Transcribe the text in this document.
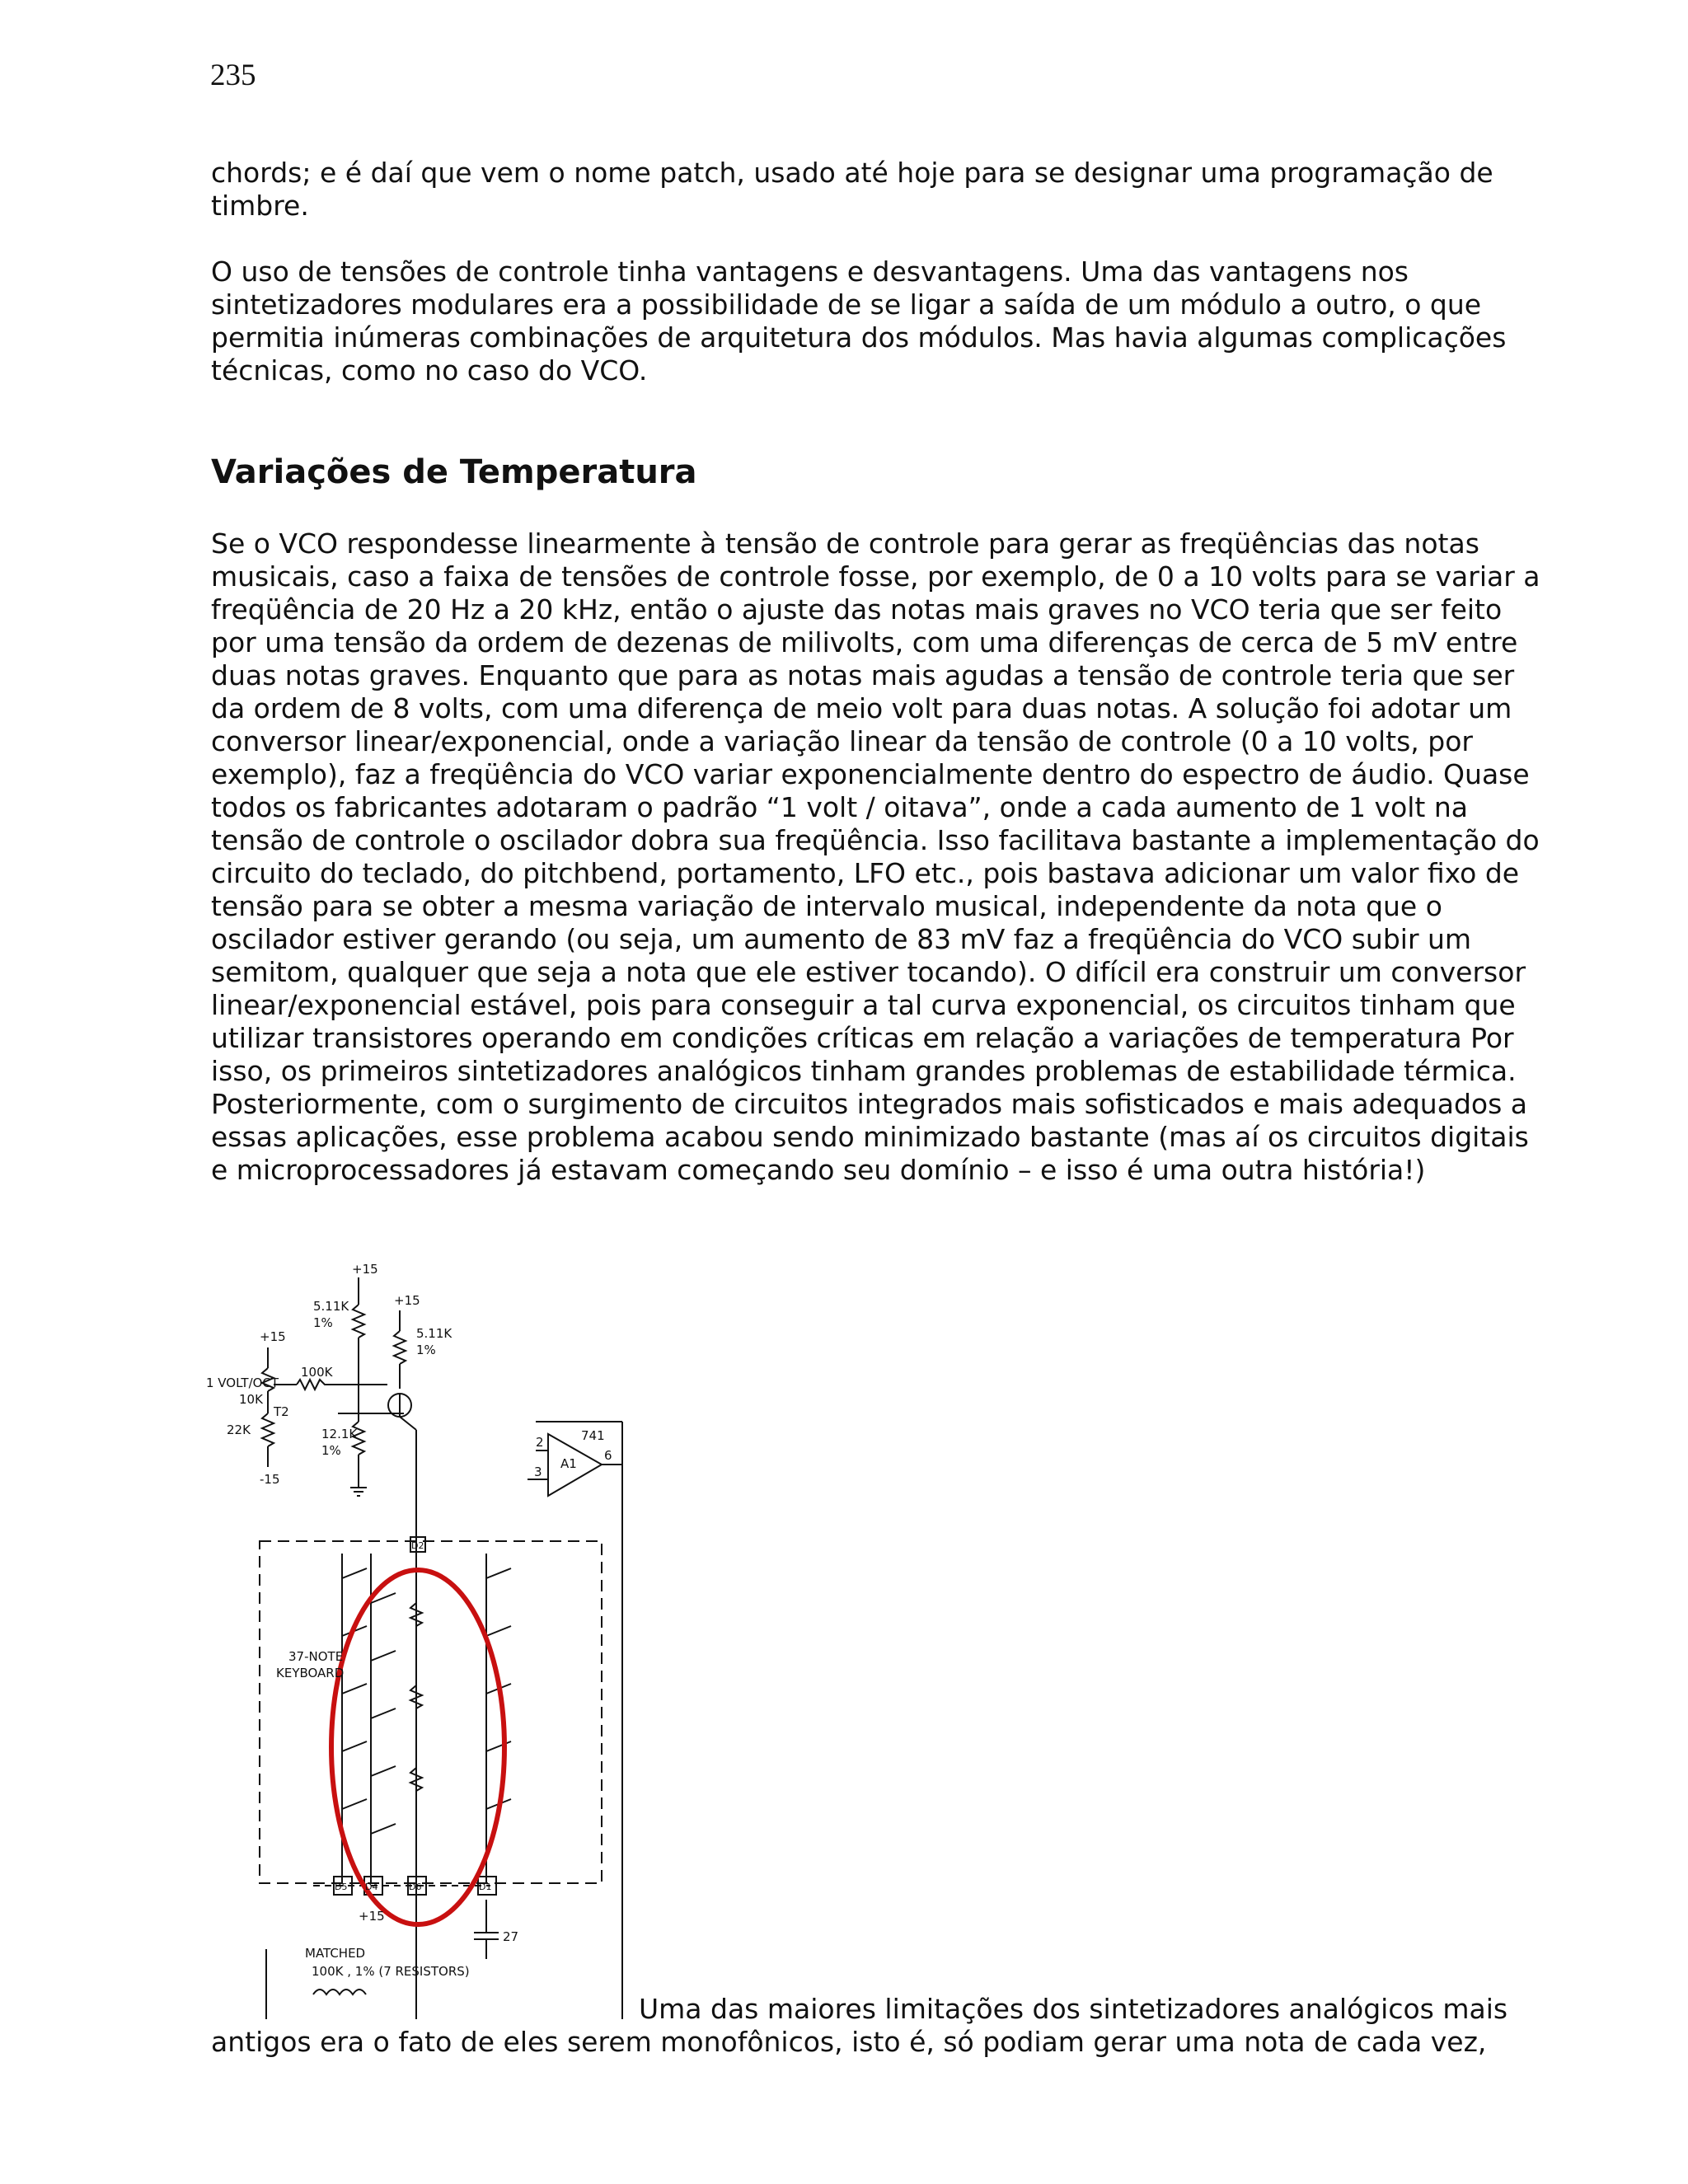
235

chords; e é daí que vem o nome patch, usado até hoje para se designar uma programação de timbre.

O uso de tensões de controle tinha vantagens e desvantagens. Uma das vantagens nos sintetizadores modulares era a possibilidade de se ligar a saída de um módulo a outro, o que permitia inúmeras combinações de arquitetura dos módulos. Mas havia algumas complicações técnicas, como no caso do VCO.

Variações de Temperatura

Se o VCO respondesse linearmente à tensão de controle para gerar as freqüências das notas musicais, caso a faixa de tensões de controle fosse, por exemplo, de 0 a 10 volts para se variar a freqüência de 20 Hz a 20 kHz, então o ajuste das notas mais graves no VCO teria que ser feito por uma tensão da ordem de dezenas de milivolts, com uma diferenças de cerca de 5 mV entre duas notas graves. Enquanto que para as notas mais agudas a tensão de controle teria que ser da ordem de 8 volts, com uma diferença de meio volt para duas notas. A solução foi adotar um conversor linear/exponencial, onde a variação linear da tensão de controle (0 a 10 volts, por exemplo), faz a freqüência do VCO variar exponencialmente dentro do espectro de áudio. Quase todos os fabricantes adotaram o padrão “1 volt / oitava”, onde a cada aumento de 1 volt na tensão de controle o oscilador dobra sua freqüência. Isso facilitava bastante a implementação do circuito do teclado, do pitchbend, portamento, LFO etc., pois bastava adicionar um valor fixo de tensão para se obter a mesma variação de intervalo musical, independente da nota que o oscilador estiver gerando (ou seja, um aumento de 83 mV faz a freqüência do VCO subir um semitom, qualquer que seja a nota que ele estiver tocando). O difícil era construir um conversor linear/exponencial estável, pois para conseguir a tal curva exponencial, os circuitos tinham que utilizar transistores operando em condições críticas em relação a variações de temperatura Por isso, os primeiros sintetizadores analógicos tinham grandes problemas de estabilidade térmica. Posteriormente, com o surgimento de circuitos integrados mais sofisticados e mais adequados a essas aplicações, esse problema acabou sendo minimizado bastante (mas aí os circuitos digitais e microprocessadores já estavam começando seu domínio – e isso é uma outra história!)

+15
+15
+15
5.11K
1%
5.11K
1%
1 VOLT/OCT
10K
T2
100K
22K
-15
12.1K
1%
741
2
3
6
A1
D2
37-NOTE
KEYBOARD
D5 D4	D6	D1
+15
27
MATCHED
100K , 1% (7 RESISTORS)
Uma das maiores limitações dos sintetizadores analógicos mais
antigos era o fato de eles serem monofônicos, isto é, só podiam gerar uma nota de cada vez,
